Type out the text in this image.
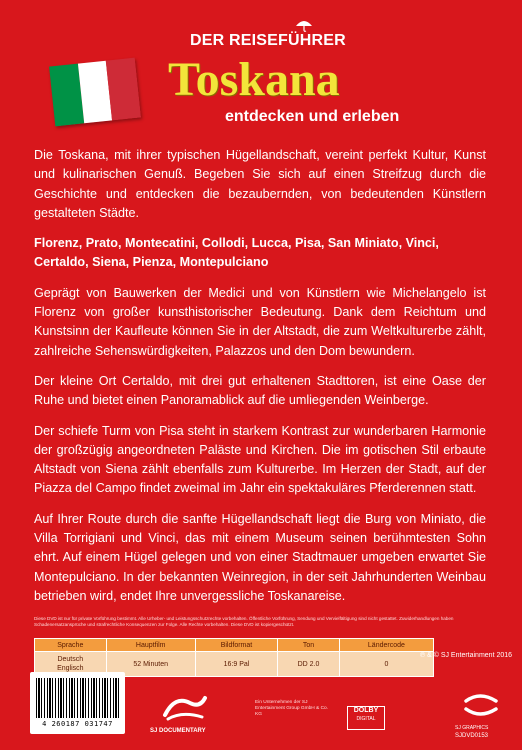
DER REISEFÜHRER
Toskana
entdecken und erleben

Die Toskana, mit ihrer typischen Hügellandschaft, vereint perfekt Kultur, Kunst und kulinarischen Genuß. Begeben Sie sich auf einen Streifzug durch die Geschichte und entdecken die bezaubernden, von bedeutenden Künstlern gestalteten Städte.

Florenz, Prato, Montecatini, Collodi, Lucca, Pisa, San Miniato, Vinci, Certaldo, Siena, Pienza, Montepulciano

Geprägt von Bauwerken der Medici und von Künstlern wie Michelangelo ist Florenz von großer kunsthistorischer Bedeutung. Dank dem Reichtum und Kunstsinn der Kaufleute können Sie in der Altstadt, die zum Weltkulturerbe zählt, zahlreiche Sehenswürdigkeiten, Palazzos und den Dom bewundern.

Der kleine Ort Certaldo, mit drei gut erhaltenen Stadttoren, ist eine Oase der Ruhe und bietet einen Panoramablick auf die umliegenden Weinberge.

Der schiefe Turm von Pisa steht in starkem Kontrast zur wunderbaren Harmonie der großzügig angeordneten Paläste und Kirchen. Die im gotischen Stil erbaute Altstadt von Siena zählt ebenfalls zum Kulturerbe. Im Herzen der Stadt, auf der Piazza del Campo findet zweimal im Jahr ein spektakuläres Pferderennen statt.

Auf Ihrer Route durch die sanfte Hügellandschaft liegt die Burg von Miniato, die Villa Torrigiani und Vinci, das mit einem Museum seinen berühmtesten Sohn ehrt. Auf einem Hügel gelegen und von einer Stadtmauer umgeben erwartet Sie Montepulciano. In der bekannten Weinregion, in der seit Jahrhunderten Weinbau betrieben wird, endet Ihre unvergessliche Toskanareise.

Diese DVD ist nur für private Vorführung bestimmt. Alle Urheber- und Leistungsschutzrechte vorbehalten. Öffentliche Vorführung, Sendung und Vervielfältigung sind nicht gestattet. Zuwiderhandlungen haben Schadenersatzansprüche und strafrechtliche Konsequenzen zur Folge. Alle Rechte vorbehalten. Diese DVD ist kopiergeschützt.
Sprache	Hauptfilm	Bildformat	Ton	Ländercode
Deutsch
Englisch	52 Minuten	16:9 Pal	DD 2.0	0
℗ & © SJ Entertainment 2016
4 260187 031747
SJ DOCUMENTARY
Ein Unternehmen der SJ Entertainment Group GmbH & Co. KG
DOLBY
DIGITAL
SJ GRAPHICS
SJDVD0153
